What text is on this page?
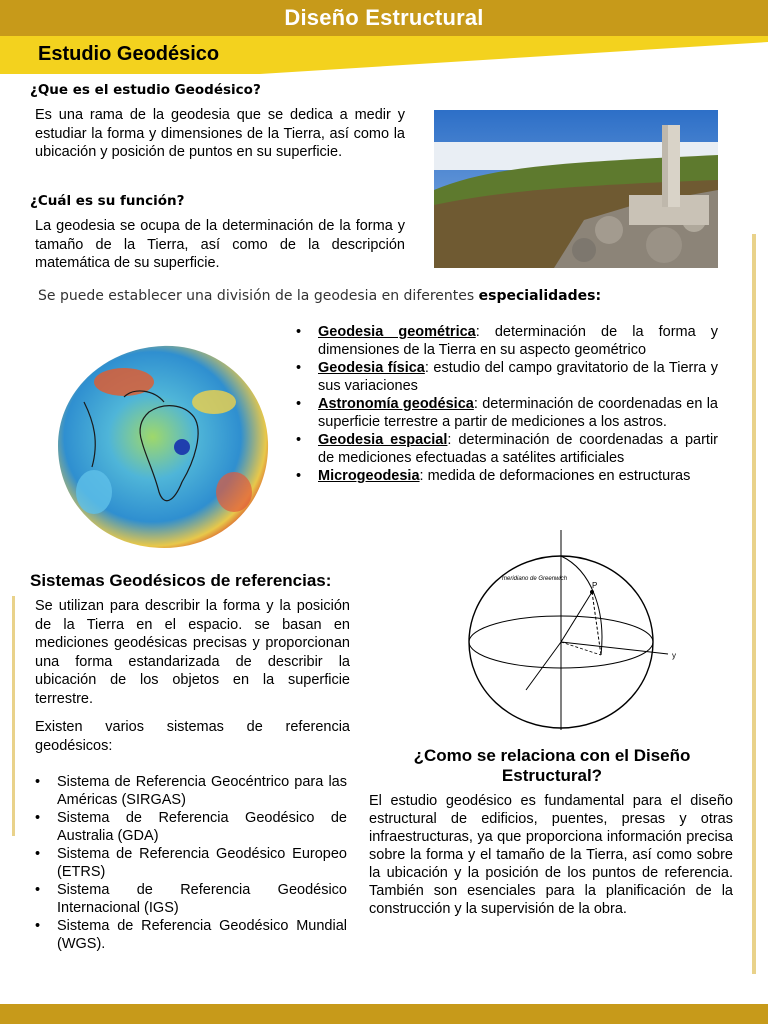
Diseño Estructural
Estudio Geodésico
¿Que es el estudio Geodésico?
Es una rama de la geodesia que se dedica a medir y estudiar la forma y dimensiones de la Tierra, así como la ubicación y posición de puntos en su superficie.
¿Cuál es su función?
La geodesia se ocupa de la determinación de la forma y tamaño de la Tierra, así como de la descripción matemática de su superficie.
Se puede establecer una división de la geodesia en diferentes especialidades:
• Geodesia geométrica: determinación de la forma y dimensiones de la Tierra en su aspecto geométrico
• Geodesia física: estudio del campo gravitatorio de la Tierra y sus variaciones
• Astronomía geodésica: determinación de coordenadas en la superficie terrestre a partir de mediciones a los astros.
• Geodesia espacial: determinación de coordenadas a partir de mediciones efectuadas a satélites artificiales
• Microgeodesia: medida de deformaciones en estructuras
Sistemas Geodésicos de referencias:
Se utilizan para describir la forma y la posición de la Tierra en el espacio. se basan en mediciones geodésicas precisas y proporcionan una forma estandarizada de describir la ubicación de los objetos en la superficie terrestre.
Existen varios sistemas de referencia geodésicos:
• Sistema de Referencia Geocéntrico para las Américas (SIRGAS)
• Sistema de Referencia Geodésico de Australia (GDA)
• Sistema de Referencia Geodésico Europeo (ETRS)
• Sistema de Referencia Geodésico Internacional (IGS)
• Sistema de Referencia Geodésico Mundial (WGS).
P
y
meridiano de Greenwich
¿Como se relaciona con el Diseño Estructural?
El estudio geodésico es fundamental para el diseño estructural de edificios, puentes, presas y otras infraestructuras, ya que proporciona información precisa sobre la forma y el tamaño de la Tierra, así como sobre la ubicación y la posición de los puntos de referencia. También son esenciales para la planificación de la construcción y la supervisión de la obra.
